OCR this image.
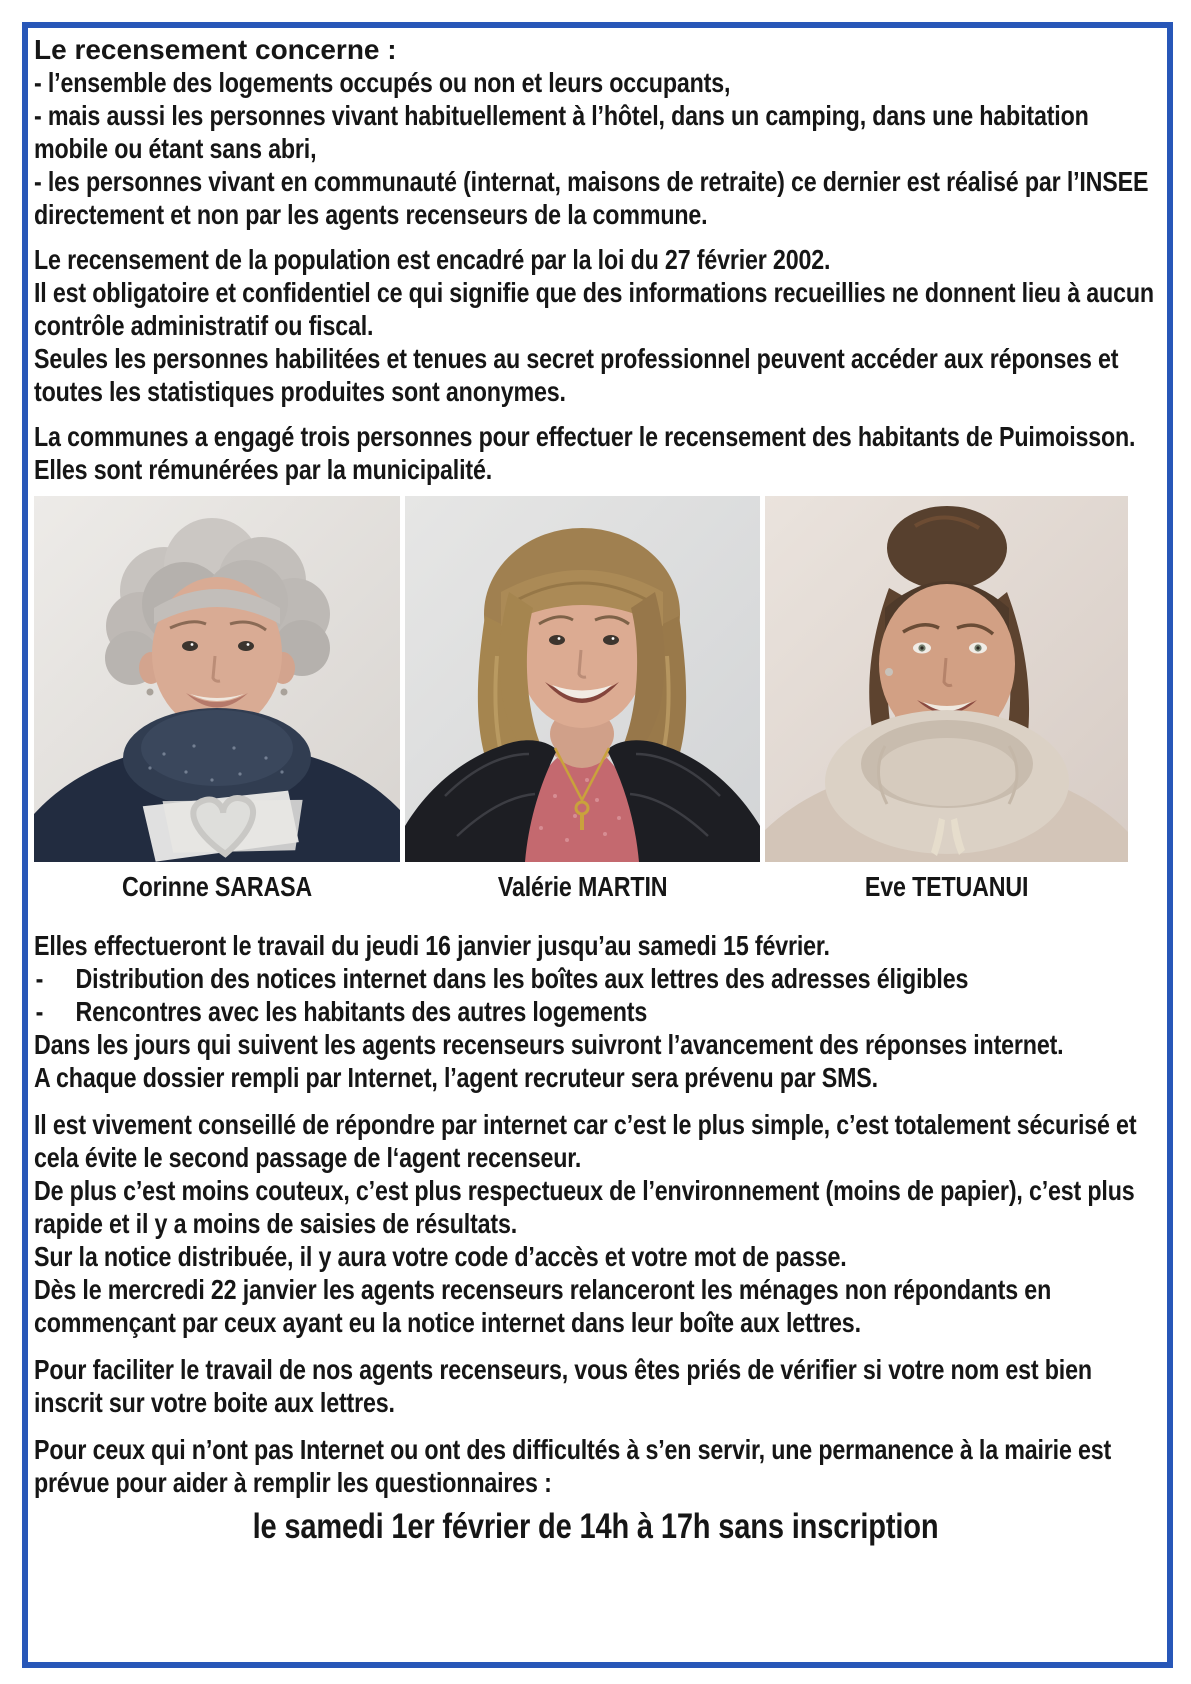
Le recensement concerne :

- l’ensemble des logements occupés ou non et leurs occupants,

- mais aussi les personnes vivant habituellement à l’hôtel, dans un camping, dans une habitation mobile ou étant sans abri,

- les personnes vivant en communauté (internat, maisons de retraite) ce dernier est réalisé par l’INSEE directement et non par les agents recenseurs de la commune.

Le recensement de la population est encadré par la loi du 27 février 2002.

Il est obligatoire et confidentiel ce qui signifie que des informations recueillies ne donnent lieu à aucun contrôle administratif ou fiscal.

Seules les personnes habilitées et tenues au secret professionnel peuvent accéder aux réponses et toutes les statistiques produites sont anonymes.

La communes a engagé trois personnes pour effectuer le recensement des habitants de Puimoisson.

Elles sont rémunérées par la municipalité.

Corinne SARASA	Valérie MARTIN	Eve TETUANUI

Elles effectueront le travail du jeudi 16 janvier jusqu’au samedi 15 février.

- Distribution des notices internet dans les boîtes aux lettres des adresses éligibles

- Rencontres avec les habitants des autres logements

Dans les jours qui suivent les agents recenseurs suivront l’avancement des réponses internet.

A chaque dossier rempli par Internet, l’agent recruteur sera prévenu par SMS.

Il est vivement conseillé de répondre par internet car c’est le plus simple, c’est totalement sécurisé et cela évite le second passage de l‘agent recenseur.

De plus c’est moins couteux, c’est plus respectueux de l’environnement (moins de papier), c’est plus rapide et il y a moins de saisies de résultats.

Sur la notice distribuée, il y aura votre code d’accès et votre mot de passe.

Dès le mercredi 22 janvier les agents recenseurs relanceront les ménages non répondants en commençant par ceux ayant eu la notice internet dans leur boîte aux lettres.

Pour faciliter le travail de nos agents recenseurs, vous êtes priés de vérifier si votre nom est bien inscrit sur votre boite aux lettres.

Pour ceux qui n’ont pas Internet ou ont des difficultés à s’en servir, une permanence à la mairie est prévue pour aider à remplir les questionnaires :

le samedi 1er février de 14h à 17h sans inscription
